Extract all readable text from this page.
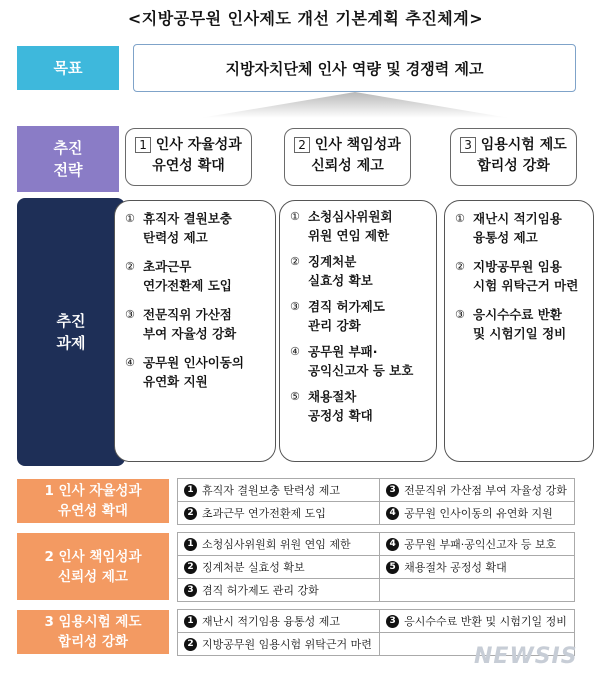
<지방공무원 인사제도 개선 기본계획 추진체계>
목표	지방자치단체 인사 역량 및 경쟁력 제고
추진
전략
1 인사 자율성과
유연성 확대
2 인사 책임성과
신뢰성 제고
3 임용시험 제도
합리성 강화
추진
과제
① 휴직자 결원보충
탄력성 제고
② 초과근무
연가전환제 도입
③ 전문직위 가산점
부여 자율성 강화
④ 공무원 인사이동의
유연화 지원
① 소청심사위원회
위원 연임 제한
② 징계처분
실효성 확보
③ 겸직 허가제도
관리 강화
④ 공무원 부패·
공익신고자 등 보호
⑤ 채용절차
공정성 확대
① 재난시 적기임용
융통성 제고
② 지방공무원 임용
시험 위탁근거 마련
③ 응시수수료 반환
및 시험기일 정비
1 인사 자율성과
유연성 확대		1 휴직자 결원보충 탄력성 제고	3 전문직위 가산점 부여 자율성 강화
		2 초과근무 연가전환제 도입	4 공무원 인사이동의 유연화 지원

2 인사 책임성과
신뢰성 제고		1 소청심사위원회 위원 연임 제한	4 공무원 부패·공익신고자 등 보호
		2 징계처분 실효성 확보	5 채용절차 공정성 확대
		3 겸직 허가제도 관리 강화	

3 임용시험 제도
합리성 강화		1 재난시 적기임용 융통성 제고	3 응시수수료 반환 및 시험기일 정비
		2 지방공무원 임용시험 위탁근거 마련		NEWSIS
